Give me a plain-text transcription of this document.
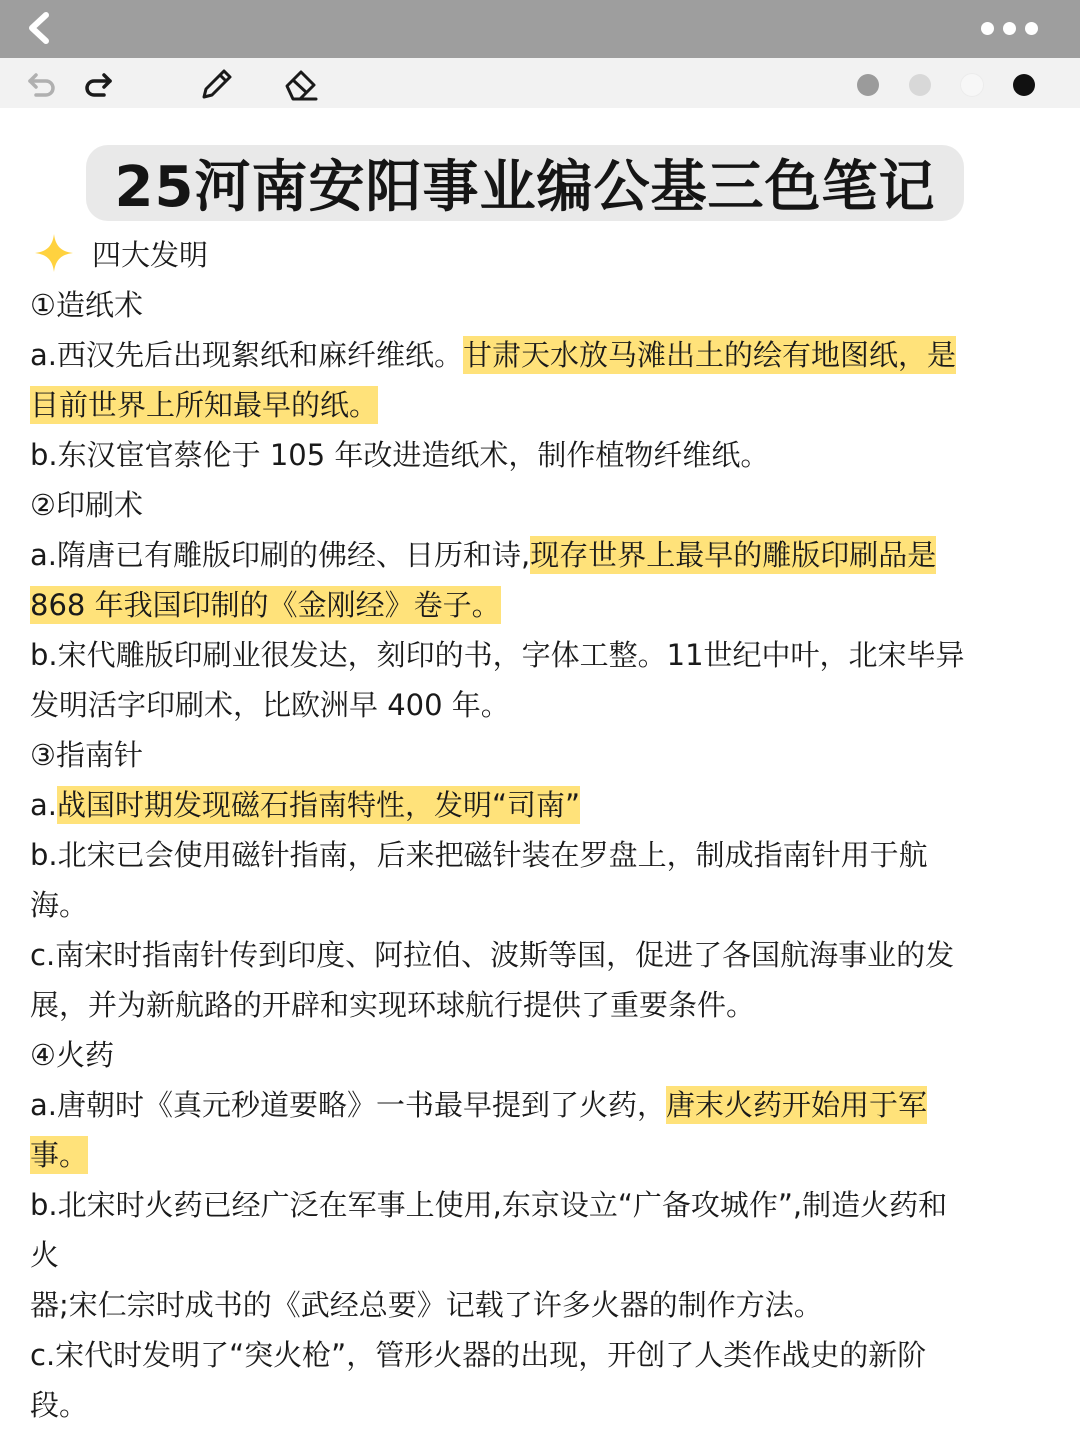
25河南安阳事业编公基三色笔记
四大发明
①造纸术
a.西汉先后出现絮纸和麻纤维纸。甘肃天水放马滩出土的绘有地图纸，是
目前世界上所知最早的纸。
b.东汉宦官蔡伦于 105 年改进造纸术，制作植物纤维纸。
②印刷术
a.隋唐已有雕版印刷的佛经、日历和诗,现存世界上最早的雕版印刷品是
868 年我国印制的《金刚经》卷子。
b.宋代雕版印刷业很发达，刻印的书，字体工整。11世纪中叶，北宋毕异
发明活字印刷术，比欧洲早 400 年。
③指南针
a.战国时期发现磁石指南特性，发明“司南”
b.北宋已会使用磁针指南，后来把磁针装在罗盘上，制成指南针用于航
海。
c.南宋时指南针传到印度、阿拉伯、波斯等国，促进了各国航海事业的发
展，并为新航路的开辟和实现环球航行提供了重要条件。
④火药
a.唐朝时《真元秒道要略》一书最早提到了火药，唐末火药开始用于军
事。
b.北宋时火药已经广泛在军事上使用,东京设立“广备攻城作”,制造火药和
火
器;宋仁宗时成书的《武经总要》记载了许多火器的制作方法。
c.宋代时发明了“突火枪”，管形火器的出现，开创了人类作战史的新阶
段。
